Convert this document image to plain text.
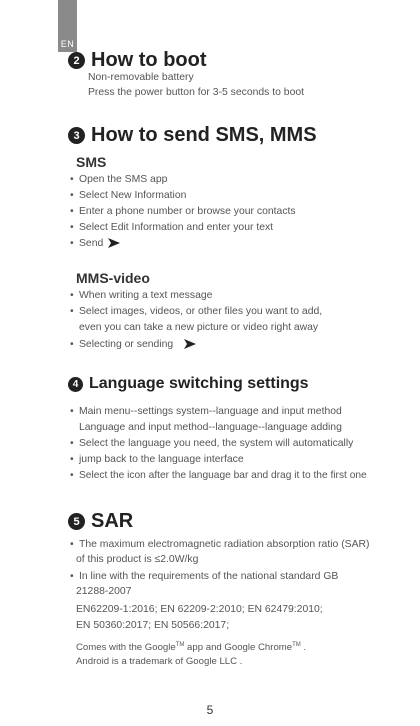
EN
2 How to boot
Non-removable battery
Press the power button for 3-5 seconds to boot
3 How to send SMS, MMS
SMS
• Open the SMS app
• Select New Information
• Enter a phone number or browse your contacts
• Select Edit Information and enter your text
• Send
MMS-video
• When writing a text message
• Select images, videos, or other files you want to add,
even you can take a new picture or video right away
• Selecting or sending
4 Language switching settings
• Main menu--settings system--language and input method
Language and input method--language--language adding
• Select the language you need, the system will automatically
• jump back to the language interface
• Select the icon after the language bar and drag it to the first one
5 SAR
• The maximum electromagnetic radiation absorption ratio (SAR)
of this product is ≤2.0W/kg
• In line with the requirements of the national standard GB
21288-2007
EN62209-1:2016; EN 62209-2:2010; EN 62479:2010;
EN 50360:2017; EN 50566:2017;
Comes with the Google™ app and Google Chrome™ .
Android is a trademark of Google LLC .
5
